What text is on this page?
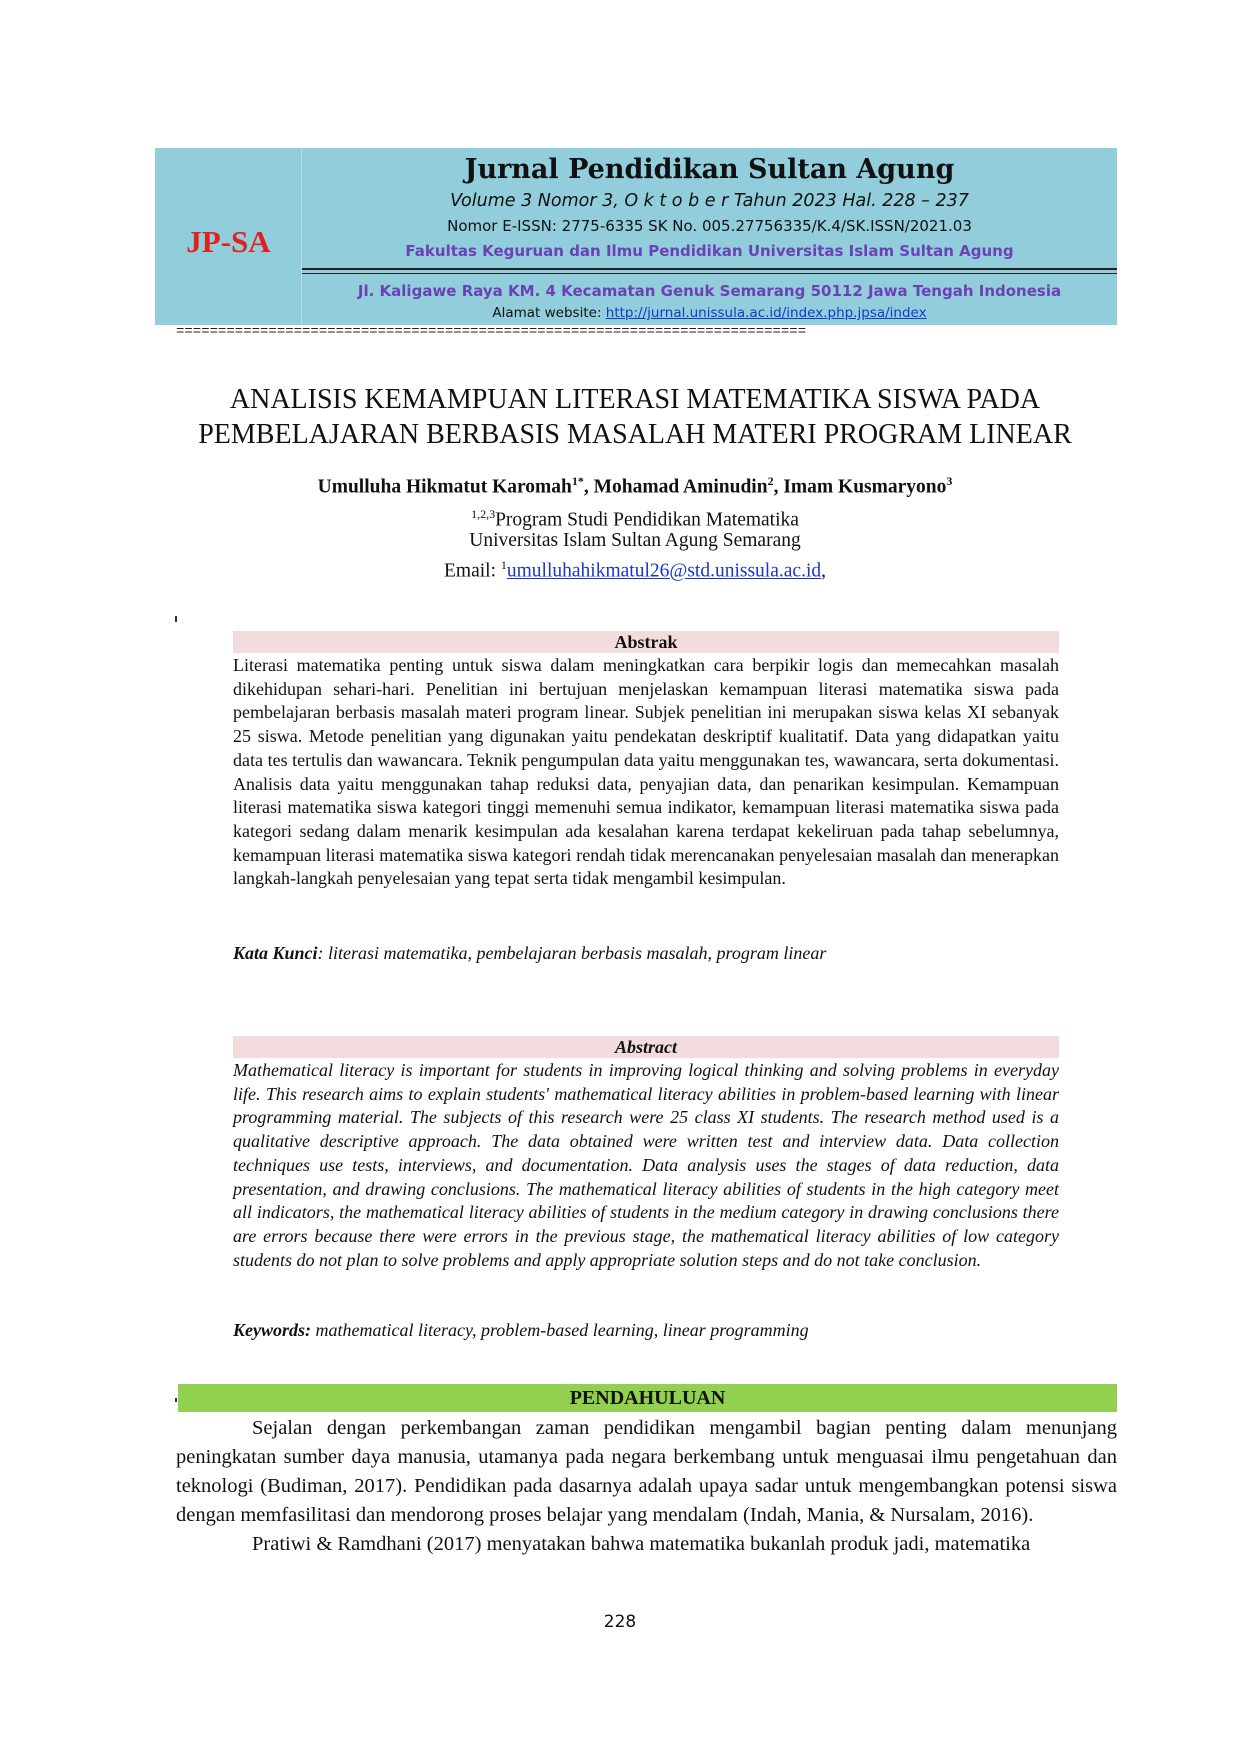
JP-SA
Jurnal Pendidikan Sultan Agung
Volume 3 Nomor 3, O k t o b e r Tahun 2023 Hal. 228 – 237
Nomor E-ISSN: 2775-6335 SK No. 005.27756335/K.4/SK.ISSN/2021.03
Fakultas Keguruan dan Ilmu Pendidikan Universitas Islam Sultan Agung
Jl. Kaligawe Raya KM. 4 Kecamatan Genuk Semarang 50112 Jawa Tengah Indonesia
Alamat website: http://jurnal.unissula.ac.id/index.php.jpsa/index
===========================================================================
ANALISIS KEMAMPUAN LITERASI MATEMATIKA SISWA PADA
PEMBELAJARAN BERBASIS MASALAH MATERI PROGRAM LINEAR
Umulluha Hikmatut Karomah$^{1*}$, Mohamad Aminudin$^2$, Imam Kusmaryono$^3$
$^{1,2,3}$Program Studi Pendidikan Matematika
Universitas Islam Sultan Agung Semarang
Email: $^1$umulluhahikmatul26@std.unissula.ac.id,
Abstrak
Literasi matematika penting untuk siswa dalam meningkatkan cara berpikir logis dan memecahkan masalah dikehidupan sehari-hari. Penelitian ini bertujuan menjelaskan kemampuan literasi matematika siswa pada pembelajaran berbasis masalah materi program linear. Subjek penelitian ini merupakan siswa kelas XI sebanyak 25 siswa. Metode penelitian yang digunakan yaitu pendekatan deskriptif kualitatif. Data yang didapatkan yaitu data tes tertulis dan wawancara. Teknik pengumpulan data yaitu menggunakan tes, wawancara, serta dokumentasi. Analisis data yaitu menggunakan tahap reduksi data, penyajian data, dan penarikan kesimpulan. Kemampuan literasi matematika siswa kategori tinggi memenuhi semua indikator, kemampuan literasi matematika siswa pada kategori sedang dalam menarik kesimpulan ada kesalahan karena terdapat kekeliruan pada tahap sebelumnya, kemampuan literasi matematika siswa kategori rendah tidak merencanakan penyelesaian masalah dan menerapkan langkah-langkah penyelesaian yang tepat serta tidak mengambil kesimpulan.
Kata Kunci: literasi matematika, pembelajaran berbasis masalah, program linear
Abstract
Mathematical literacy is important for students in improving logical thinking and solving problems in everyday life. This research aims to explain students' mathematical literacy abilities in problem-based learning with linear programming material. The subjects of this research were 25 class XI students. The research method used is a qualitative descriptive approach. The data obtained were written test and interview data. Data collection techniques use tests, interviews, and documentation. Data analysis uses the stages of data reduction, data presentation, and drawing conclusions. The mathematical literacy abilities of students in the high category meet all indicators, the mathematical literacy abilities of students in the medium category in drawing conclusions there are errors because there were errors in the previous stage, the mathematical literacy abilities of low category students do not plan to solve problems and apply appropriate solution steps and do not take conclusion.
Keywords: mathematical literacy, problem-based learning, linear programming
PENDAHULUAN

Sejalan dengan perkembangan zaman pendidikan mengambil bagian penting dalam menunjang peningkatan sumber daya manusia, utamanya pada negara berkembang untuk menguasai ilmu pengetahuan dan teknologi (Budiman, 2017). Pendidikan pada dasarnya adalah upaya sadar untuk mengembangkan potensi siswa dengan memfasilitasi dan mendorong proses belajar yang mendalam (Indah, Mania, & Nursalam, 2016).

Pratiwi & Ramdhani (2017) menyatakan bahwa matematika bukanlah produk jadi, matematika

228
